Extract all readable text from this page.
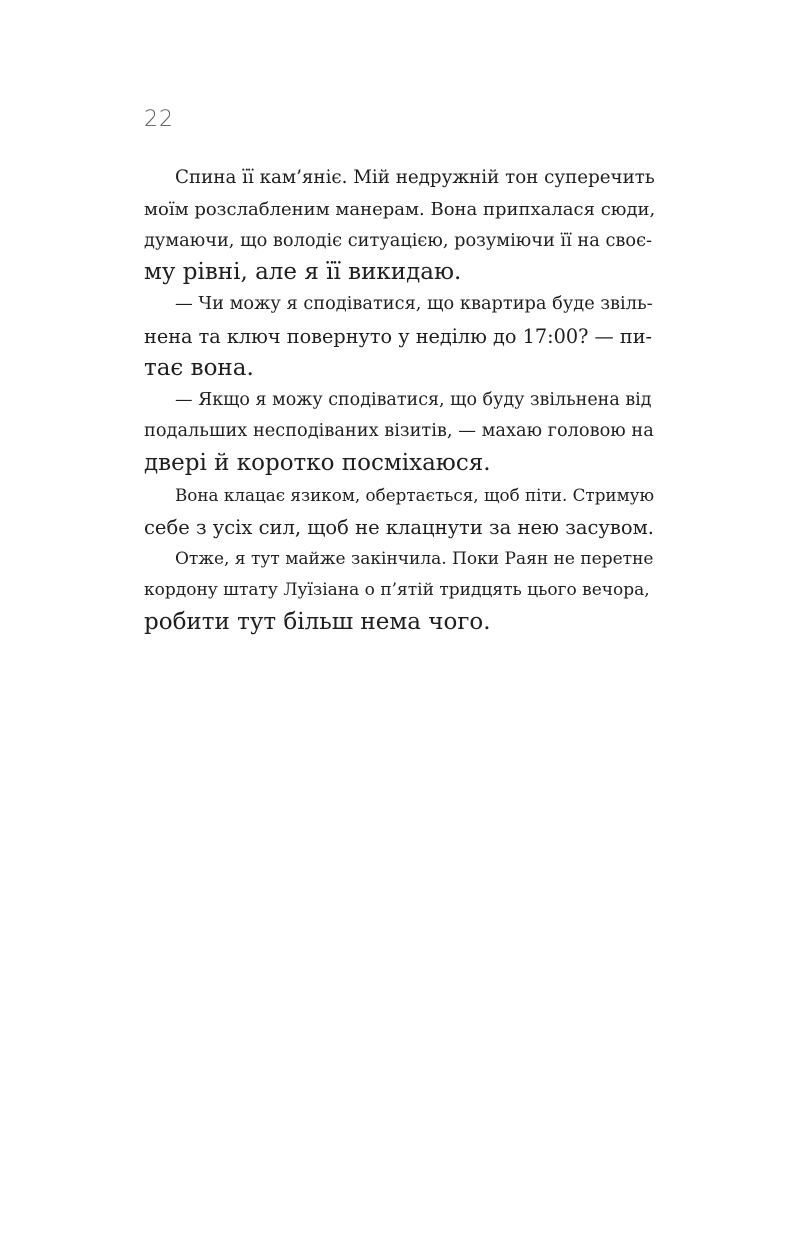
22
Спина її кам’яніє. Мій недружній тон суперечить
моїм розслабленим манерам. Вона припхалася сюди,
думаючи, що володіє ситуацією, розуміючи її на своє-
му рівні, але я її викидаю.
— Чи можу я сподіватися, що квартира буде звіль-
нена та ключ повернуто у неділю до 17:00? — пи-
тає вона.
— Якщо я можу сподіватися, що буду звільнена від
подальших несподіваних візитів, — махаю головою на
двері й коротко посміхаюся.
Вона клацає язиком, обертається, щоб піти. Стримую
себе з усіх сил, щоб не клацнути за нею засувом.
Отже, я тут майже закінчила. Поки Раян не перетне
кордону штату Луїзіана о п’ятій тридцять цього вечора,
робити тут більш нема чого.
